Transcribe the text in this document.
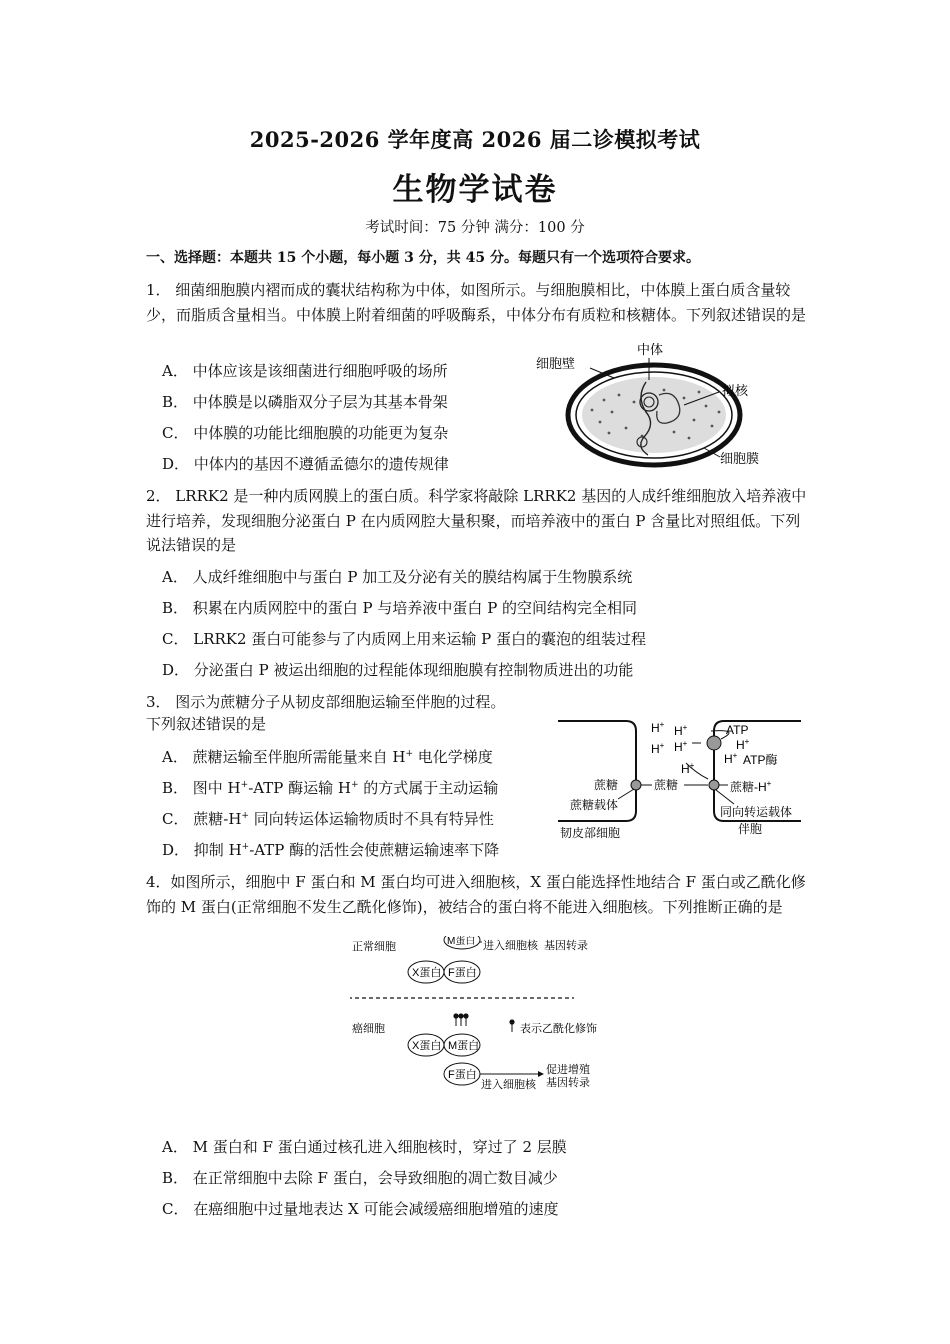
2025-2026 学年度高 2026 届二诊模拟考试
生物学试卷
考试时间：75 分钟 满分：100 分
一、选择题：本题共 15 个小题，每小题 3 分，共 45 分。每题只有一个选项符合要求。
1． 细菌细胞膜内褶而成的囊状结构称为中体，如图所示。与细胞膜相比，中体膜上蛋白质含量较少，而脂质含量相当。中体膜上附着细菌的呼吸酶系，中体分布有质粒和核糖体。下列叙述错误的是
A． 中体应该是该细菌进行细胞呼吸的场所
B． 中体膜是以磷脂双分子层为其基本骨架
C． 中体膜的功能比细胞膜的功能更为复杂
D． 中体内的基因不遵循孟德尔的遗传规律
中体
细胞壁
拟核
细胞膜
2． LRRK2 是一种内质网膜上的蛋白质。科学家将敲除 LRRK2 基因的人成纤维细胞放入培养液中进行培养，发现细胞分泌蛋白 P 在内质网腔大量积聚，而培养液中的蛋白 P 含量比对照组低。下列说法错误的是
A． 人成纤维细胞中与蛋白 P 加工及分泌有关的膜结构属于生物膜系统
B． 积累在内质网腔中的蛋白 P 与培养液中蛋白 P 的空间结构完全相同
C． LRRK2 蛋白可能参与了内质网上用来运输 P 蛋白的囊泡的组装过程
D． 分泌蛋白 P 被运出细胞的过程能体现细胞膜有控制物质进出的功能
3． 图示为蔗糖分子从韧皮部细胞运输至伴胞的过程。
下列叙述错误的是
A． 蔗糖运输至伴胞所需能量来自 H+ 电化学梯度
B． 图中 H+-ATP 酶运输 H+ 的方式属于主动运输
C． 蔗糖-H+ 同向转运体运输物质时不具有特异性
D． 抑制 H+-ATP 酶的活性会使蔗糖运输速率下降
H+ H+
H+ H+
H+
ATP
H+
H+ ATP酶
蔗糖	蔗糖	蔗糖-H+
蔗糖载体	同向转运载体
韧皮部细胞	伴胞
4．如图所示，细胞中 F 蛋白和 M 蛋白均可进入细胞核，X 蛋白能选择性地结合 F 蛋白或乙酰化修饰的 M 蛋白(正常细胞不发生乙酰化修饰)，被结合的蛋白将不能进入细胞核。下列推断正确的是
正常细胞	M蛋白 进入细胞核 基因转录
X蛋白 F蛋白
癌细胞	表示乙酰化修饰
X蛋白 M蛋白
F蛋白
进入细胞核
促进增殖
基因转录
A． M 蛋白和 F 蛋白通过核孔进入细胞核时，穿过了 2 层膜
B． 在正常细胞中去除 F 蛋白，会导致细胞的凋亡数目减少
C． 在癌细胞中过量地表达 X 可能会减缓癌细胞增殖的速度
